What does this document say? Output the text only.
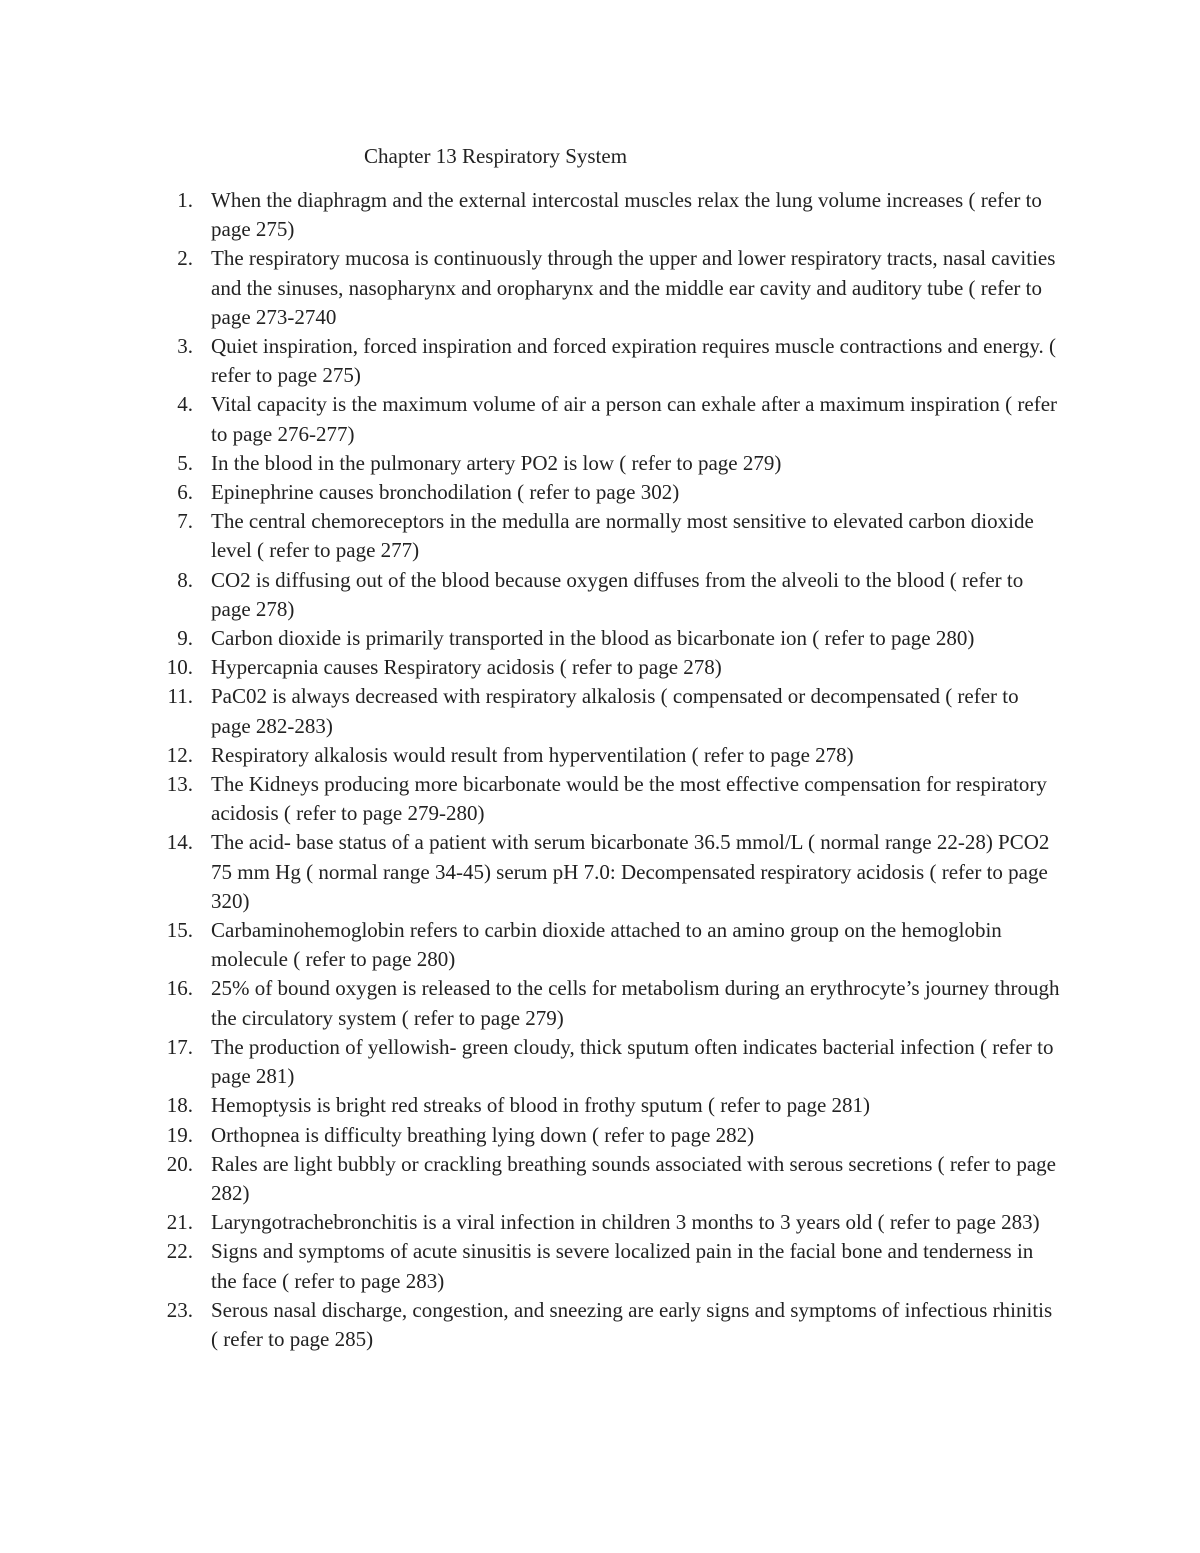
Chapter 13 Respiratory System
1. When the diaphragm and the external intercostal muscles relax the lung volume increases ( refer to page 275)
2. The respiratory mucosa is continuously through the upper and lower respiratory tracts, nasal cavities and the sinuses, nasopharynx and oropharynx and the middle ear cavity and auditory tube ( refer to page 273-2740
3. Quiet inspiration, forced inspiration and forced expiration requires muscle contractions and energy. ( refer to page 275)
4. Vital capacity is the maximum volume of air a person can exhale after a maximum inspiration ( refer to page 276-277)
5. In the blood in the pulmonary artery PO2 is low ( refer to page 279)
6. Epinephrine causes bronchodilation ( refer to page 302)
7. The central chemoreceptors in the medulla are normally most sensitive to elevated carbon dioxide level ( refer to page 277)
8. CO2 is diffusing out of the blood because oxygen diffuses from the alveoli to the blood ( refer to page 278)
9. Carbon dioxide is primarily transported in the blood as bicarbonate ion ( refer to page 280)
10. Hypercapnia causes Respiratory acidosis ( refer to page 278)
11. PaC02 is always decreased with respiratory alkalosis ( compensated or decompensated ( refer to page 282-283)
12. Respiratory alkalosis would result from hyperventilation ( refer to page 278)
13. The Kidneys producing more bicarbonate would be the most effective compensation for respiratory acidosis ( refer to page 279-280)
14. The acid- base status of a patient with serum bicarbonate 36.5 mmol/L ( normal range 22-28) PCO2 75 mm Hg ( normal range 34-45) serum pH 7.0: Decompensated respiratory acidosis ( refer to page 320)
15. Carbaminohemoglobin refers to carbin dioxide attached to an amino group on the hemoglobin molecule ( refer to page 280)
16. 25% of bound oxygen is released to the cells for metabolism during an erythrocyte’s journey through the circulatory system ( refer to page 279)
17. The production of yellowish- green cloudy, thick sputum often indicates bacterial infection ( refer to page 281)
18. Hemoptysis is bright red streaks of blood in frothy sputum ( refer to page 281)
19. Orthopnea is difficulty breathing lying down ( refer to page 282)
20. Rales are light bubbly or crackling breathing sounds associated with serous secretions ( refer to page 282)
21. Laryngotrachebronchitis is a viral infection in children 3 months to 3 years old ( refer to page 283)
22. Signs and symptoms of acute sinusitis is severe localized pain in the facial bone and tenderness in the face ( refer to page 283)
23. Serous nasal discharge, congestion, and sneezing are early signs and symptoms of infectious rhinitis ( refer to page 285)
